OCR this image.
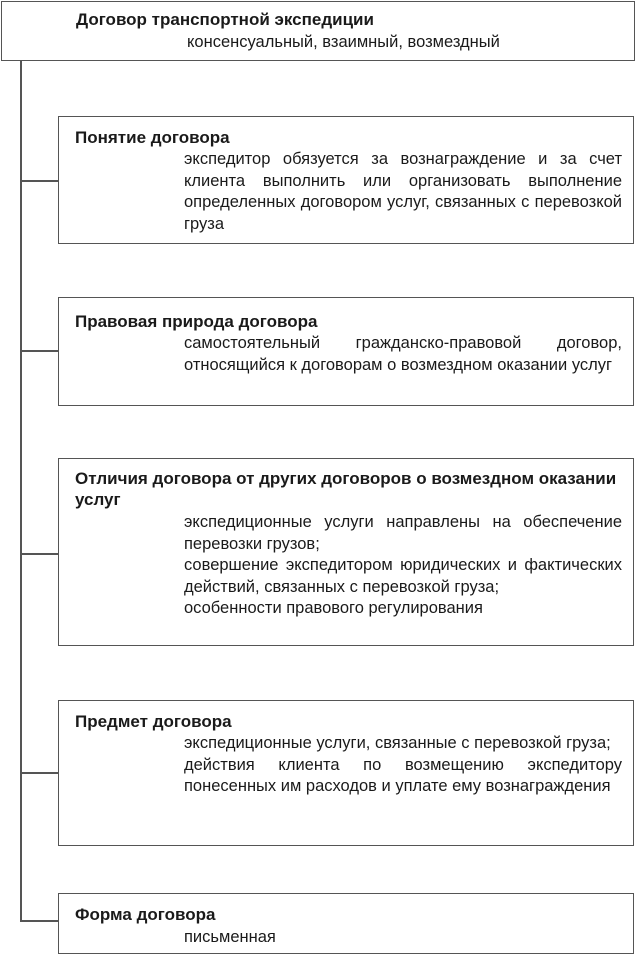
Договор транспортной экспедиции
консенсуальный, взаимный, возмездный
Понятие договора
экспедитор обязуется за вознаграждение и за счет клиента выполнить или организовать выполнение определенных договором услуг, связанных с перевозкой груза
Правовая природа договора
самостоятельный гражданско-правовой договор, относящийся к договорам о возмездном оказании услуг
Отличия договора от других договоров о возмездном оказании услуг
экспедиционные услуги направлены на обеспечение перевозки грузов;
совершение экспедитором юридических и фактических действий, связанных с перевозкой груза;
особенности правового регулирования
Предмет договора
экспедиционные услуги, связанные с перевозкой груза;
действия клиента по возмещению экспедитору понесенных им расходов и уплате ему вознаграждения
Форма договора
письменная
